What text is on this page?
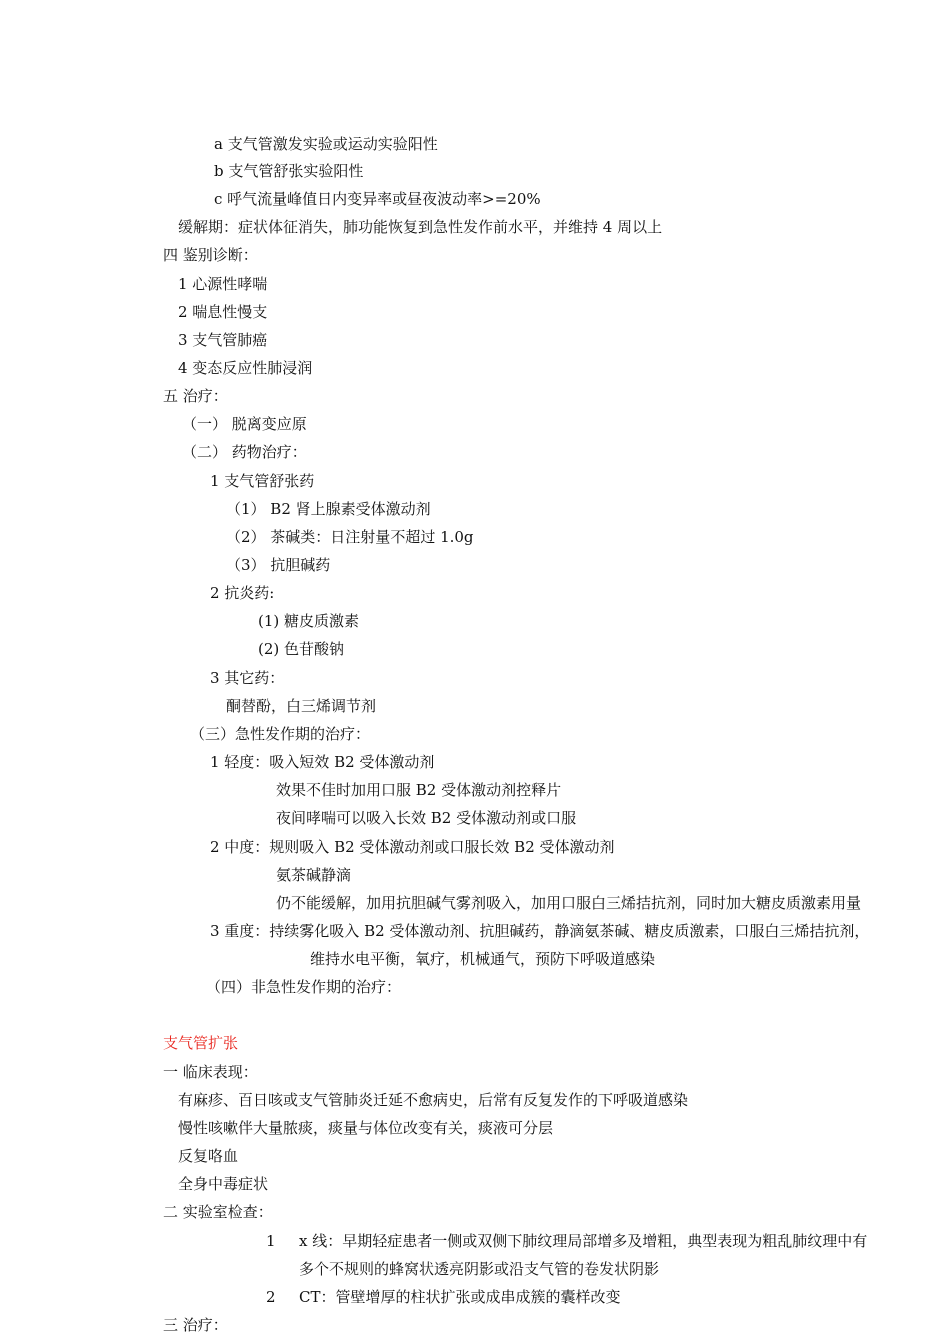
a 支气管激发实验或运动实验阳性
b 支气管舒张实验阳性
c 呼气流量峰值日内变异率或昼夜波动率>=20%
缓解期：症状体征消失，肺功能恢复到急性发作前水平，并维持 4 周以上
四 鉴别诊断：
1 心源性哮喘
2 喘息性慢支
3 支气管肺癌
4 变态反应性肺浸润
五 治疗：
（一） 脱离变应原
（二） 药物治疗：
1 支气管舒张药
（1） B2 肾上腺素受体激动剂
（2） 茶碱类：日注射量不超过 1.0g
（3） 抗胆碱药
2 抗炎药:
(1) 糖皮质激素
(2) 色苷酸钠
3 其它药：
酮替酚，白三烯调节剂
（三）急性发作期的治疗：
1 轻度：吸入短效 B2 受体激动剂
效果不佳时加用口服 B2 受体激动剂控释片
夜间哮喘可以吸入长效 B2 受体激动剂或口服
2 中度：规则吸入 B2 受体激动剂或口服长效 B2 受体激动剂
氨茶碱静滴
仍不能缓解，加用抗胆碱气雾剂吸入，加用口服白三烯拮抗剂，同时加大糖皮质激素用量
3 重度：持续雾化吸入 B2 受体激动剂、抗胆碱药，静滴氨茶碱、糖皮质激素，口服白三烯拮抗剂，
维持水电平衡，氧疗，机械通气，预防下呼吸道感染
（四）非急性发作期的治疗：
支气管扩张
一 临床表现：
有麻疹、百日咳或支气管肺炎迁延不愈病史，后常有反复发作的下呼吸道感染
慢性咳嗽伴大量脓痰，痰量与体位改变有关，痰液可分层
反复咯血
全身中毒症状
二 实验室检查：
1 x 线：早期轻症患者一侧或双侧下肺纹理局部增多及增粗，典型表现为粗乱肺纹理中有
多个不规则的蜂窝状透亮阴影或沿支气管的卷发状阴影
2 CT：管壁增厚的柱状扩张或成串成簇的囊样改变
三 治疗：
